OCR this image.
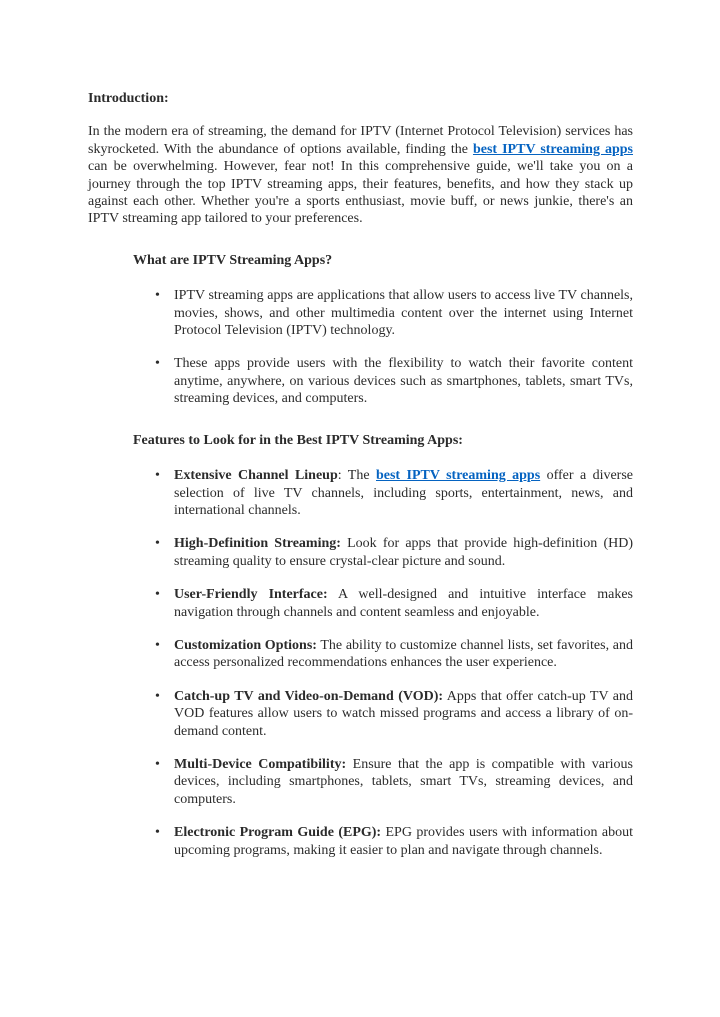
Introduction:

In the modern era of streaming, the demand for IPTV (Internet Protocol Television) services has skyrocketed. With the abundance of options available, finding the best IPTV streaming apps can be overwhelming. However, fear not! In this comprehensive guide, we'll take you on a journey through the top IPTV streaming apps, their features, benefits, and how they stack up against each other. Whether you're a sports enthusiast, movie buff, or news junkie, there's an IPTV streaming app tailored to your preferences.

What are IPTV Streaming Apps?
• IPTV streaming apps are applications that allow users to access live TV channels, movies, shows, and other multimedia content over the internet using Internet Protocol Television (IPTV) technology.
• These apps provide users with the flexibility to watch their favorite content anytime, anywhere, on various devices such as smartphones, tablets, smart TVs, streaming devices, and computers.
Features to Look for in the Best IPTV Streaming Apps:
• Extensive Channel Lineup: The best IPTV streaming apps offer a diverse selection of live TV channels, including sports, entertainment, news, and international channels.
• High-Definition Streaming: Look for apps that provide high-definition (HD) streaming quality to ensure crystal-clear picture and sound.
• User-Friendly Interface: A well-designed and intuitive interface makes navigation through channels and content seamless and enjoyable.
• Customization Options: The ability to customize channel lists, set favorites, and access personalized recommendations enhances the user experience.
• Catch-up TV and Video-on-Demand (VOD): Apps that offer catch-up TV and VOD features allow users to watch missed programs and access a library of on-demand content.
• Multi-Device Compatibility: Ensure that the app is compatible with various devices, including smartphones, tablets, smart TVs, streaming devices, and computers.
• Electronic Program Guide (EPG): EPG provides users with information about upcoming programs, making it easier to plan and navigate through channels.
